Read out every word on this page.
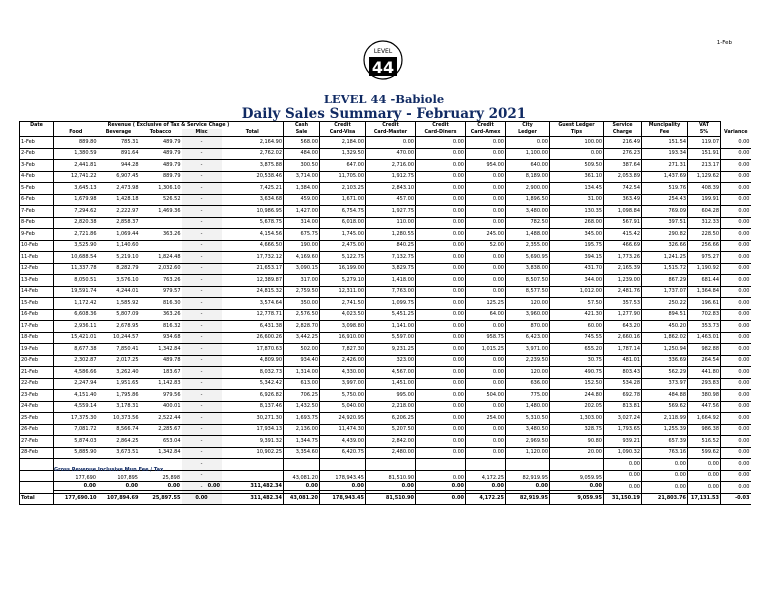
1-Feb
LEVEL
44
LEVEL 44 -Babiole
Daily Sales Summary - February 2021
Date	Revenue ( Exclusive of Tax & Service Chage )					Cash	Credit	Credit	Credit	Credit	City	Guest Ledger	Service	Muncipality	VAT	
	Food	Beverage	Tobacco	Misc	Total	Sale	Card-Visa	Card-Master	Card-Diners	Card-Amex	Ledger	Tips	Charge	Fee	5%	Variance
1-Feb	889.80	785.31	489.79	-	2,164.90	568.00	2,184.00	0.00	0.00	0.00	0.00	100.00	216.49	151.54	119.07	0.00
2-Feb	1,380.59	891.64	489.79	-	2,762.02	484.00	1,329.50	470.00	0.00	0.00	1,100.00	0.00	276.23	193.34	151.91	0.00
3-Feb	2,441.81	944.28	489.79	-	3,875.88	300.50	647.00	2,716.00	0.00	954.00	640.00	509.50	387.64	271.31	213.17	0.00
4-Feb	12,741.22	6,907.45	889.79	-	20,538.46	3,714.00	11,705.00	1,912.75	0.00	0.00	8,189.00	361.10	2,053.89	1,437.69	1,129.62	0.00
5-Feb	3,645.13	2,473.98	1,306.10	-	7,425.21	1,384.00	2,103.25	2,843.10	0.00	0.00	2,900.00	134.45	742.54	519.76	408.39	0.00
6-Feb	1,679.98	1,428.18	526.52	-	3,634.68	459.00	1,671.00	457.00	0.00	0.00	1,896.50	31.00	363.49	254.43	199.91	0.00
7-Feb	7,294.62	2,222.97	1,469.36	-	10,986.95	1,427.00	6,754.75	1,927.75	0.00	0.00	3,480.00	130.35	1,098.84	769.09	604.28	0.00
8-Feb	2,820.38	2,858.37		-	5,678.75	314.00	6,018.00	110.00	0.00	0.00	782.50	268.00	567.91	397.51	312.33	0.00
9-Feb	2,721.86	1,069.44	363.26	-	4,154.56	675.75	1,745.00	1,280.55	0.00	245.00	1,488.00	345.00	415.42	290.82	228.50	0.00
10-Feb	3,525.90	1,140.60		-	4,666.50	190.00	2,475.00	840.25	0.00	52.00	2,355.00	195.75	466.69	326.66	256.66	0.00
11-Feb	10,688.54	5,219.10	1,824.48	-	17,732.12	4,169.60	5,122.75	7,132.75	0.00	0.00	5,690.95	394.15	1,773.26	1,241.25	975.27	0.00
12-Feb	11,337.78	8,282.79	2,032.60	-	21,653.17	3,090.15	16,199.00	3,829.75	0.00	0.00	3,838.00	431.70	2,165.39	1,515.72	1,190.92	0.00
13-Feb	8,050.51	3,576.10	763.26	-	12,389.87	317.00	5,279.10	1,418.00	0.00	0.00	8,507.50	344.00	1,239.00	867.29	681.44	0.00
14-Feb	19,591.74	4,244.01	979.57	-	24,815.32	2,759.50	12,311.00	7,763.00	0.00	0.00	8,577.50	1,012.00	2,481.76	1,737.07	1,364.84	0.00
15-Feb	1,172.42	1,585.92	816.30	-	3,574.64	350.00	2,741.50	1,099.75	0.00	125.25	120.00	57.50	357.53	250.22	196.61	0.00
16-Feb	6,608.36	5,807.09	363.26	-	12,778.71	2,576.50	4,023.50	5,451.25	0.00	64.00	3,960.00	421.30	1,277.90	894.51	702.83	0.00
17-Feb	2,936.11	2,678.95	816.32	-	6,431.38	2,828.70	3,098.80	1,141.00	0.00	0.00	870.00	60.00	643.20	450.20	353.73	0.00
18-Feb	15,421.01	10,244.57	934.68	-	26,600.26	3,442.25	16,910.00	5,597.00	0.00	958.75	6,423.00	745.55	2,660.16	1,862.02	1,463.01	0.00
19-Feb	8,677.38	7,850.41	1,342.84	-	17,870.63	502.00	7,827.30	9,231.25	0.00	1,015.25	3,971.00	655.20	1,787.14	1,250.94	982.88	0.00
20-Feb	2,302.87	2,017.25	489.78	-	4,809.90	934.40	2,426.00	323.00	0.00	0.00	2,239.50	30.75	481.01	336.69	264.54	0.00
21-Feb	4,586.66	3,262.40	183.67	-	8,032.73	1,314.00	4,330.00	4,567.00	0.00	0.00	120.00	490.75	803.43	562.29	441.80	0.00
22-Feb	2,247.94	1,951.65	1,142.83	-	5,342.42	613.00	3,997.00	1,451.00	0.00	0.00	636.00	152.50	534.28	373.97	293.83	0.00
23-Feb	4,151.40	1,795.86	979.56	-	6,926.82	706.25	5,750.00	995.00	0.00	504.00	775.00	244.80	692.78	484.88	380.98	0.00
24-Feb	4,559.14	3,178.31	400.01	-	8,137.46	1,432.50	5,040.00	2,218.00	0.00	0.00	1,480.00	202.05	813.81	569.62	447.56	0.00
25-Feb	17,375.30	10,373.56	2,522.44	-	30,271.30	1,693.75	24,920.95	6,206.25	0.00	254.00	5,310.50	1,303.00	3,027.24	2,118.99	1,664.92	0.00
26-Feb	7,081.72	8,566.74	2,285.67	-	17,934.13	2,136.00	11,474.30	5,207.50	0.00	0.00	3,480.50	328.75	1,793.65	1,255.39	986.38	0.00
27-Feb	5,874.03	2,864.25	653.04	-	9,391.32	1,344.75	4,439.00	2,842.00	0.00	0.00	2,969.50	90.80	939.21	657.39	516.52	0.00
28-Feb	5,885.90	3,673.51	1,342.84	-	10,902.25	3,354.60	6,420.75	2,480.00	0.00	0.00	1,120.00	20.00	1,090.32	763.16	599.62	0.00
				-									0.00	0.00	0.00	0.00
				-									0.00	0.00	0.00	0.00
				-									0.00	0.00	0.00	0.00
Total	177,690.10	107,894.69	25,897.55	0.00	311,482.34	43,081.20	178,943.45	81,510.90	0.00	4,172.25	82,919.95	9,059.95	31,150.19	21,803.76	17,131.53	-0.03
	Gross Revenue Inclusive Mun.Fee / Tax											
	177,690	107,895	25,898			43,081.20	178,943.45	81,510.90	0.00	4,172.25	82,919.95	9,059.95
	0.00	0.00	0.00	0.00	311,482.34	0.00	0.00	0.00	0.00	0.00	0.00	0.00
